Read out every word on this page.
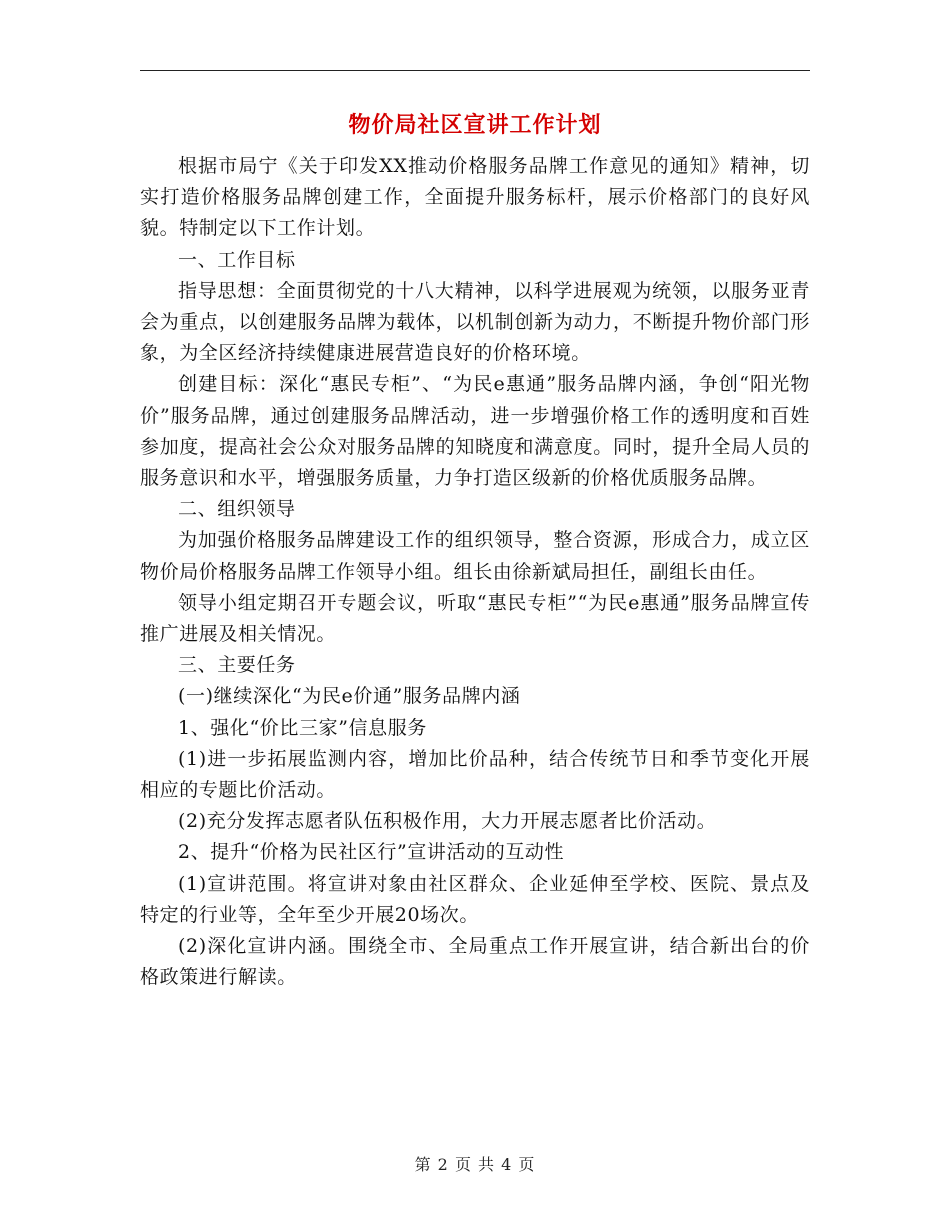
物价局社区宣讲工作计划

根据市局宁《关于印发XX推动价格服务品牌工作意见的通知》精神，切实打造价格服务品牌创建工作，全面提升服务标杆，展示价格部门的良好风貌。特制定以下工作计划。

一、工作目标

指导思想：全面贯彻党的十八大精神，以科学进展观为统领，以服务亚青会为重点，以创建服务品牌为载体，以机制创新为动力，不断提升物价部门形象，为全区经济持续健康进展营造良好的价格环境。

创建目标：深化“惠民专柜”、“为民e惠通”服务品牌内涵，争创“阳光物价”服务品牌，通过创建服务品牌活动，进一步增强价格工作的透明度和百姓参加度，提高社会公众对服务品牌的知晓度和满意度。同时，提升全局人员的服务意识和水平，增强服务质量，力争打造区级新的价格优质服务品牌。

二、组织领导

为加强价格服务品牌建设工作的组织领导，整合资源，形成合力，成立区物价局价格服务品牌工作领导小组。组长由徐新斌局担任，副组长由任。

领导小组定期召开专题会议，听取“惠民专柜”“为民e惠通”服务品牌宣传推广进展及相关情况。

三、主要任务

(一)继续深化“为民e价通”服务品牌内涵

1、强化“价比三家”信息服务

(1)进一步拓展监测内容，增加比价品种，结合传统节日和季节变化开展相应的专题比价活动。

(2)充分发挥志愿者队伍积极作用，大力开展志愿者比价活动。

2、提升“价格为民社区行”宣讲活动的互动性

(1)宣讲范围。将宣讲对象由社区群众、企业延伸至学校、医院、景点及特定的行业等，全年至少开展20场次。

(2)深化宣讲内涵。围绕全市、全局重点工作开展宣讲，结合新出台的价格政策进行解读。

第 2 页 共 4 页
